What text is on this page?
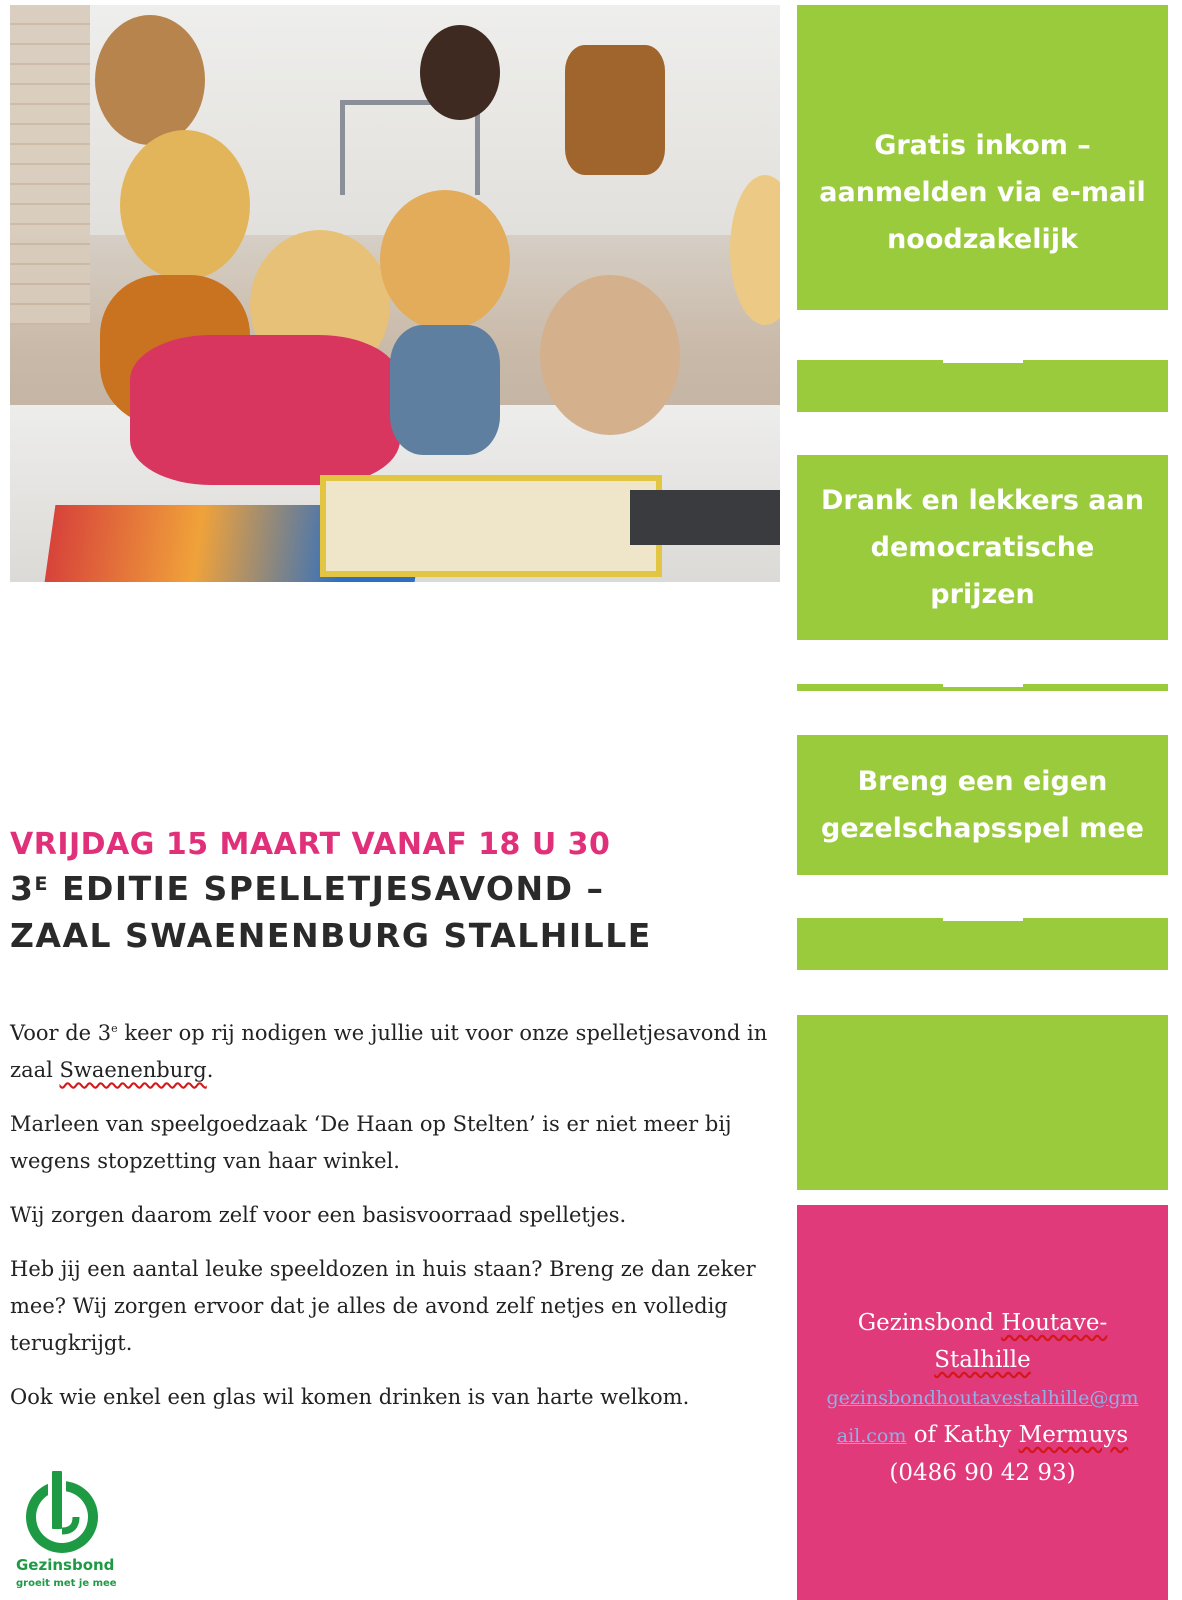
Gratis inkom – aanmelden via e-mail noodzakelijk
Drank en lekkers aan democratische prijzen
Breng een eigen gezelschapsspel mee
Gezinsbond Houtave-
Stalhille
gezinsbondhoutavestalhille@gm
ail.com of Kathy Mermuys
(0486 90 42 93)
VRIJDAG 15 MAART VANAF 18 U 30
$3^E$ EDITIE SPELLETJESAVOND –
ZAAL SWAENENBURG STALHILLE

Voor de 3e keer op rij nodigen we jullie uit voor onze spelletjesavond in zaal Swaenenburg.

Marleen van speelgoedzaak ‘De Haan op Stelten’ is er niet meer bij wegens stopzetting van haar winkel.

Wij zorgen daarom zelf voor een basisvoorraad spelletjes.

Heb jij een aantal leuke speeldozen in huis staan? Breng ze dan zeker mee? Wij zorgen ervoor dat je alles de avond zelf netjes en volledig terugkrijgt.

Ook wie enkel een glas wil komen drinken is van harte welkom.

Gezinsbond
groeit met je mee
